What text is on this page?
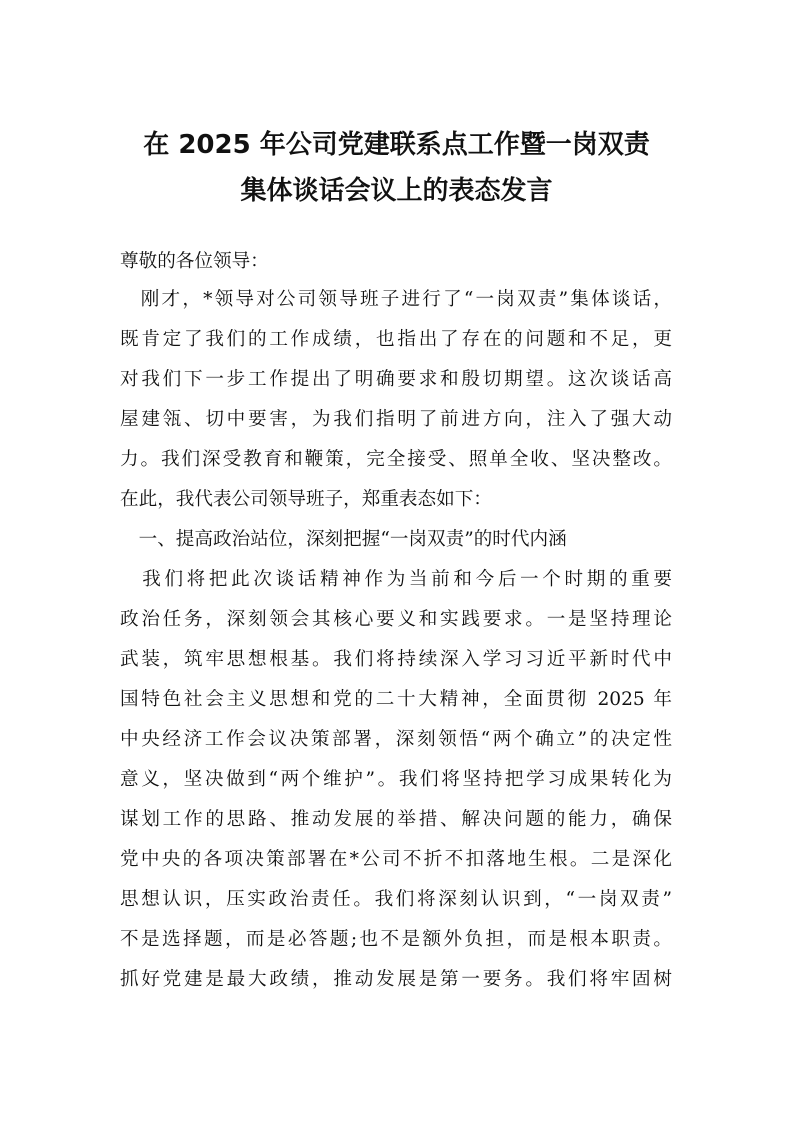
在 2025 年公司党建联系点工作暨一岗双责
集体谈话会议上的表态发言
尊敬的各位领导：
　刚才，*领导对公司领导班子进行了“一岗双责”集体谈话，
既肯定了我们的工作成绩，也指出了存在的问题和不足，更
对我们下一步工作提出了明确要求和殷切期望。这次谈话高
屋建瓴、切中要害，为我们指明了前进方向，注入了强大动
力。我们深受教育和鞭策，完全接受、照单全收、坚决整改。
在此，我代表公司领导班子，郑重表态如下：
　一、提高政治站位，深刻把握“一岗双责”的时代内涵
　我们将把此次谈话精神作为当前和今后一个时期的重要
政治任务，深刻领会其核心要义和实践要求。一是坚持理论
武装，筑牢思想根基。我们将持续深入学习习近平新时代中
国特色社会主义思想和党的二十大精神，全面贯彻 2025 年
中央经济工作会议决策部署，深刻领悟“两个确立”的决定性
意义，坚决做到“两个维护”。我们将坚持把学习成果转化为
谋划工作的思路、推动发展的举措、解决问题的能力，确保
党中央的各项决策部署在*公司不折不扣落地生根。二是深化
思想认识，压实政治责任。我们将深刻认识到，“一岗双责”
不是选择题，而是必答题;也不是额外负担，而是根本职责。
抓好党建是最大政绩，推动发展是第一要务。我们将牢固树
